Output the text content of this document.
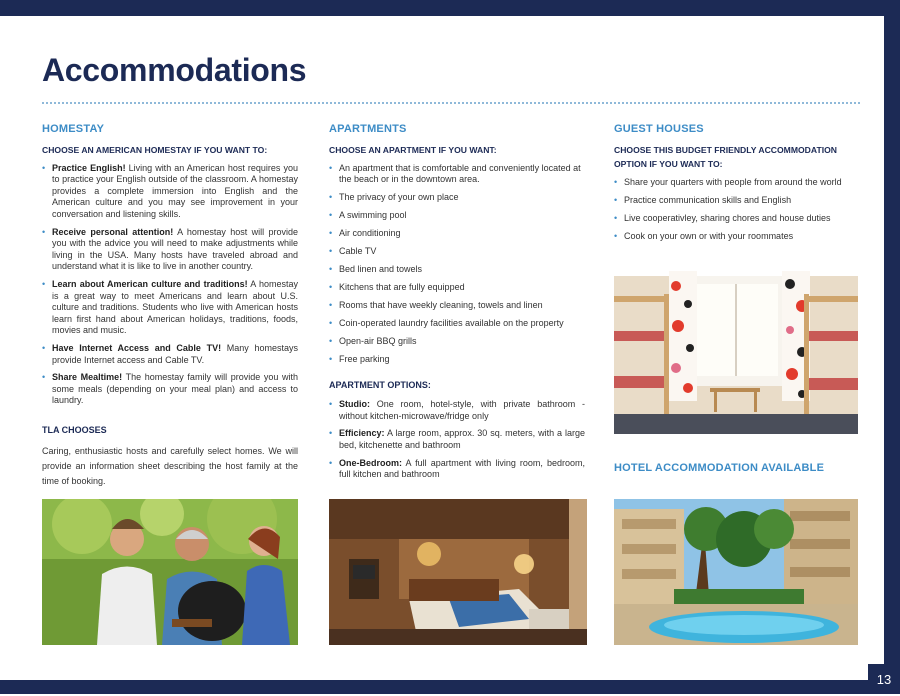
13
Accommodations
HOMESTAY
CHOOSE AN AMERICAN HOMESTAY IF YOU WANT TO:
• Practice English! Living with an American host requires you to practice your English outside of the classroom. A homestay provides a complete immersion into English and the American culture and you may see improvement in your conversation and listening skills.
• Receive personal attention! A homestay host will provide you with the advice you will need to make adjustments while living in the USA. Many hosts have traveled abroad and understand what it is like to live in another country.
• Learn about American culture and traditions! A homestay is a great way to meet Americans and learn about U.S. culture and traditions. Students who live with American hosts learn first hand about American holidays, traditions, foods, movies and music.
• Have Internet Access and Cable TV! Many homestays provide Internet access and Cable TV.
• Share Mealtime! The homestay family will provide you with some meals (depending on your meal plan) and access to laundry.
TLA CHOOSES

Caring, enthusiastic hosts and carefully select homes. We will provide an information sheet describing the host family at the time of booking.

APARTMENTS
CHOOSE AN APARTMENT IF YOU WANT:
• An apartment that is comfortable and conveniently located at the beach or in the downtown area.
• The privacy of your own place
• A swimming pool
• Air conditioning
• Cable TV
• Bed linen and towels
• Kitchens that are fully equipped
• Rooms that have weekly cleaning, towels and linen
• Coin-operated laundry facilities available on the property
• Open-air BBQ grills
• Free parking
APARTMENT OPTIONS:
• Studio: One room, hotel-style, with private bathroom - without kitchen-microwave/fridge only
• Efficiency: A large room, approx. 30 sq. meters, with a large bed, kitchenette and bathroom
• One-Bedroom: A full apartment with living room, bedroom, full kitchen and bathroom
GUEST HOUSES
CHOOSE THIS BUDGET FRIENDLY ACCOMMODATION OPTION IF YOU WANT TO:
• Share your quarters with people from around the world
• Practice communication skills and English
• Live cooperativley, sharing chores and house duties
• Cook on your own or with your roommates
HOTEL ACCOMMODATION AVAILABLE
